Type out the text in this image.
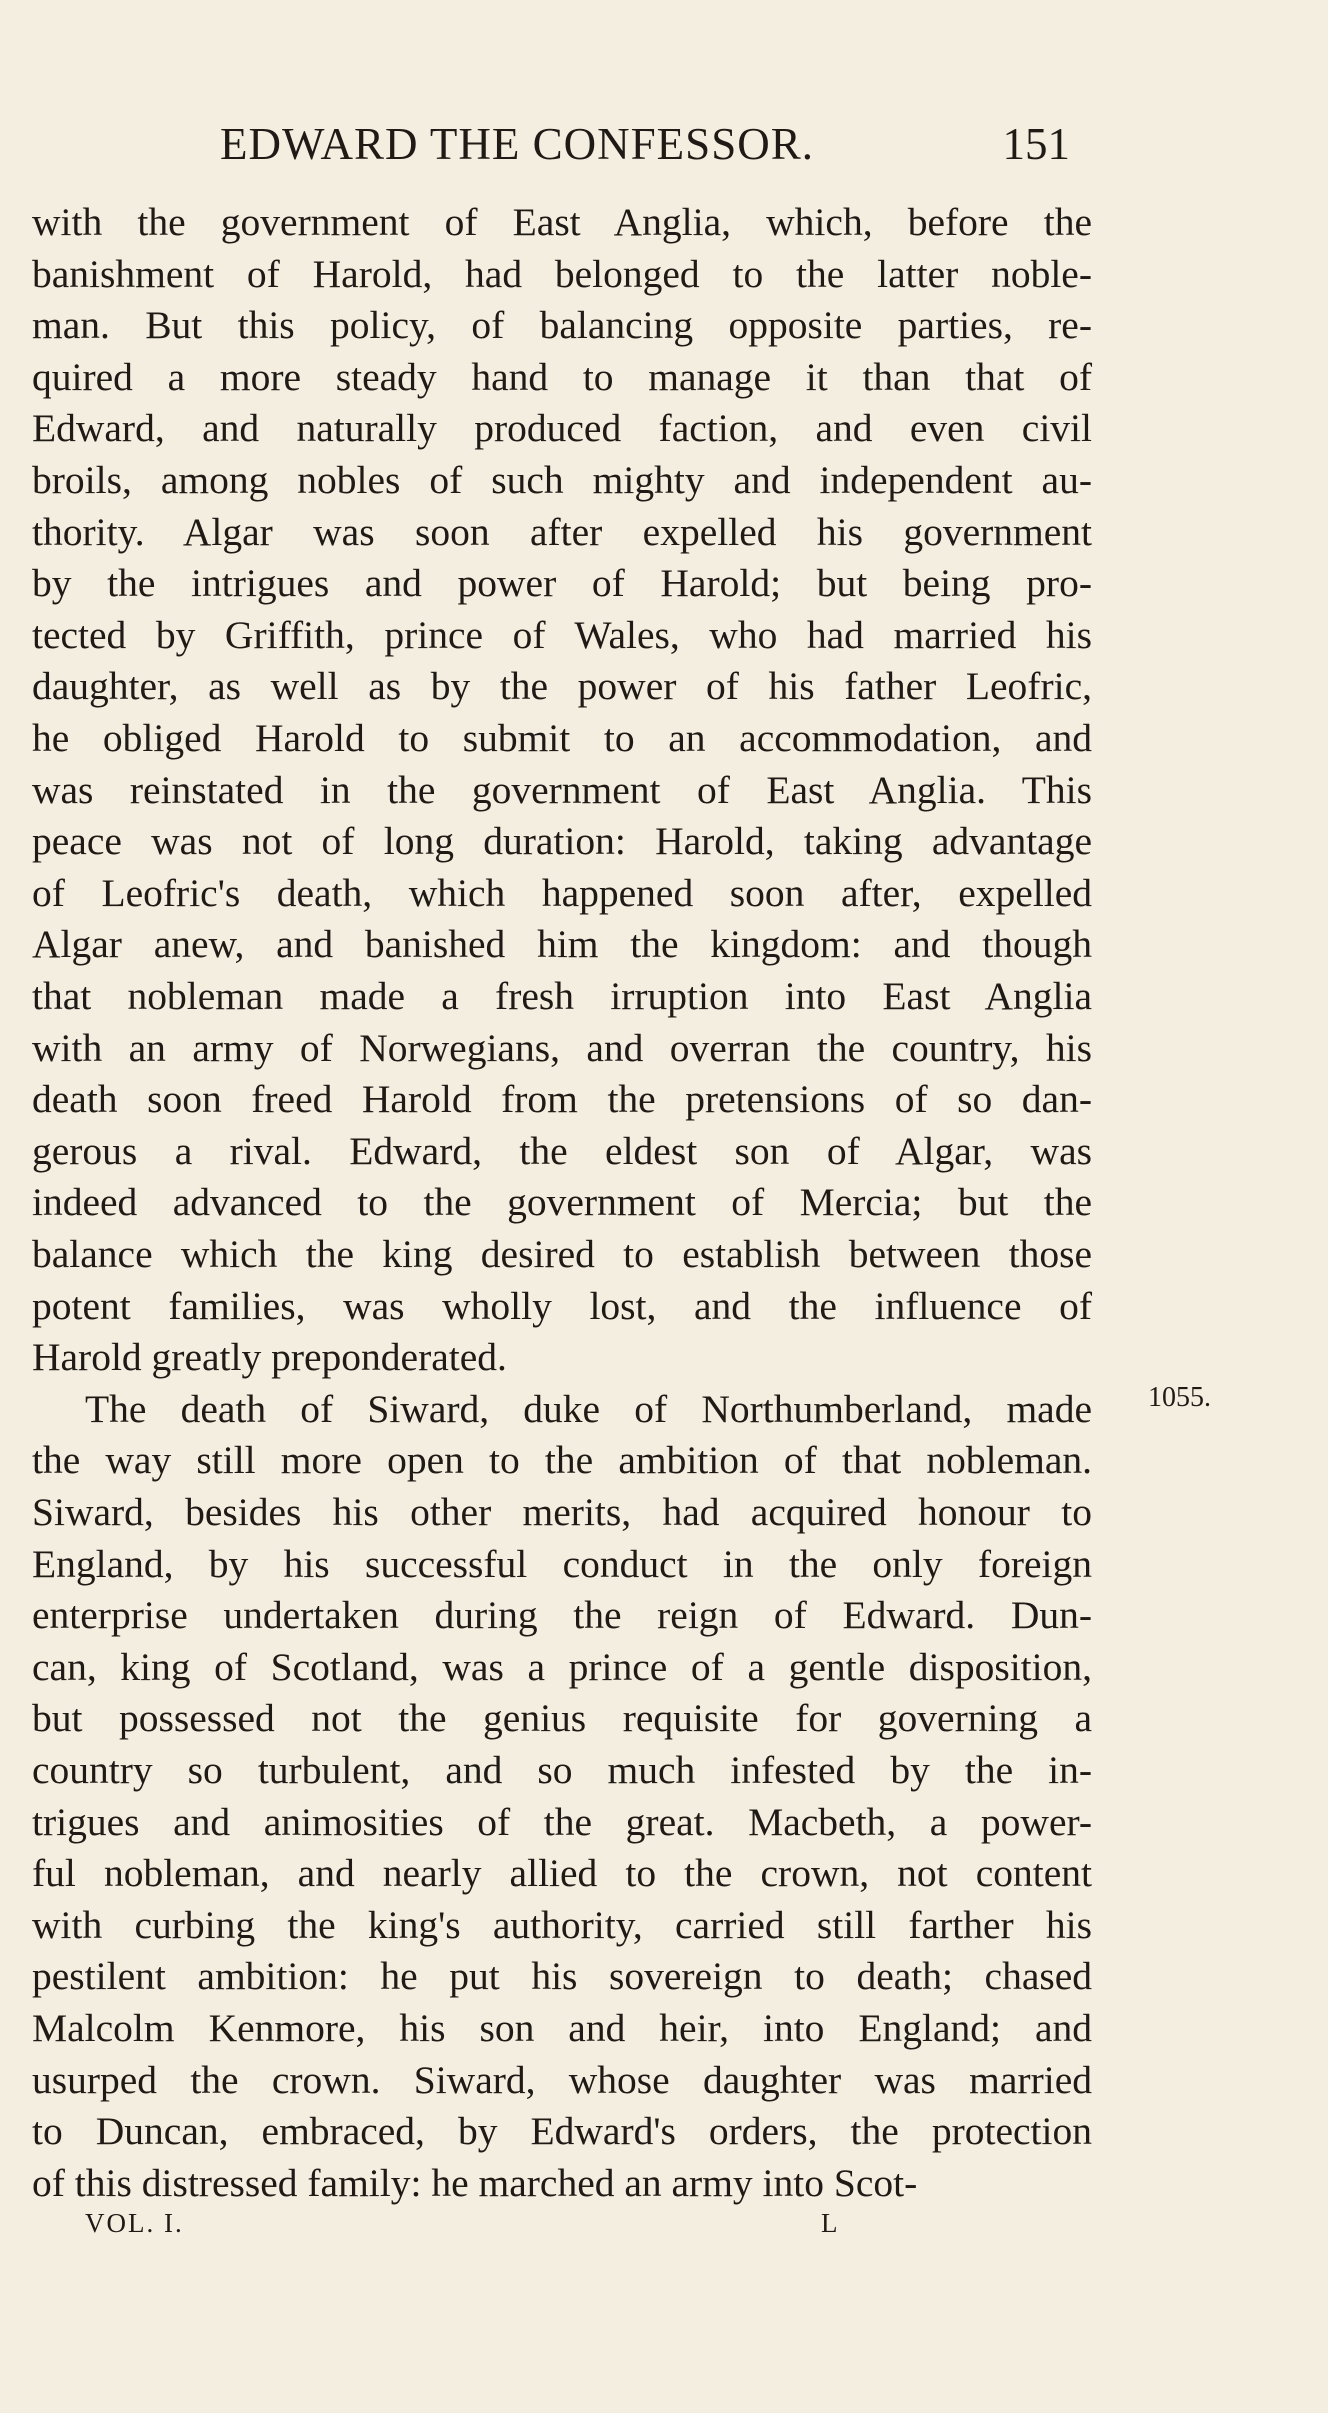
EDWARD THE CONFESSOR.	151
with the government of East Anglia, which, before the
banishment of Harold, had belonged to the latter noble-
man. But this policy, of balancing opposite parties, re-
quired a more steady hand to manage it than that of
Edward, and naturally produced faction, and even civil
broils, among nobles of such mighty and independent au-
thority. Algar was soon after expelled his government
by the intrigues and power of Harold; but being pro-
tected by Griffith, prince of Wales, who had married his
daughter, as well as by the power of his father Leofric,
he obliged Harold to submit to an accommodation, and
was reinstated in the government of East Anglia. This
peace was not of long duration: Harold, taking advantage
of Leofric's death, which happened soon after, expelled
Algar anew, and banished him the kingdom: and though
that nobleman made a fresh irruption into East Anglia
with an army of Norwegians, and overran the country, his
death soon freed Harold from the pretensions of so dan-
gerous a rival. Edward, the eldest son of Algar, was
indeed advanced to the government of Mercia; but the
balance which the king desired to establish between those
potent families, was wholly lost, and the influence of
Harold greatly preponderated.
The death of Siward, duke of Northumberland, made
the way still more open to the ambition of that nobleman.
Siward, besides his other merits, had acquired honour to
England, by his successful conduct in the only foreign
enterprise undertaken during the reign of Edward. Dun-
can, king of Scotland, was a prince of a gentle disposition,
but possessed not the genius requisite for governing a
country so turbulent, and so much infested by the in-
trigues and animosities of the great. Macbeth, a power-
ful nobleman, and nearly allied to the crown, not content
with curbing the king's authority, carried still farther his
pestilent ambition: he put his sovereign to death; chased
Malcolm Kenmore, his son and heir, into England; and
usurped the crown. Siward, whose daughter was married
to Duncan, embraced, by Edward's orders, the protection
of this distressed family: he marched an army into Scot-
1055.
VOL. I.	L
